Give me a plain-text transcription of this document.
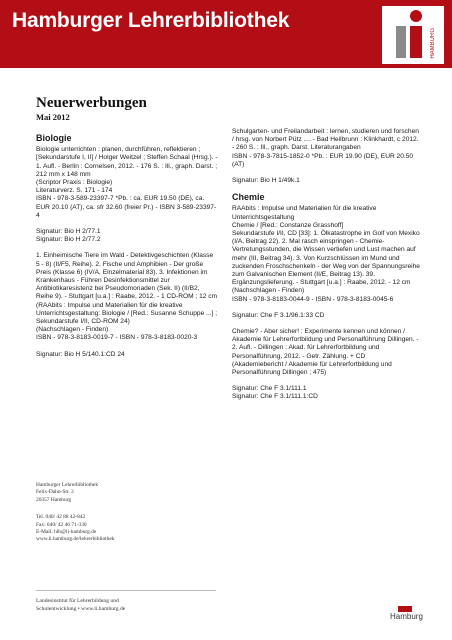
Hamburger Lehrerbibliothek
HAMBURG
Neuerwerbungen
Mai 2012
Biologie

Biologie unterrichten : planen, durchführen, reflektieren ; [Sekundarstufe I, II] / Holger Weitzel ; Steffen Schaal (Hrsg.). - 1. Aufl. - Berlin : Cornelsen, 2012. - 176 S. : Ill., graph. Darst. ; 212 mm x 148 mm
(Scriptor Praxis : Biologie)
Literaturverz. S. 171 - 174
ISBN - 978-3-589-23397-7 *Pb. : ca. EUR 19.50 (DE), ca. EUR 20.10 (AT), ca. sfr 32.60 (freier Pr.) - ISBN 3-589-23397-4

Signatur: Bio H 2/77.1
Signatur: Bio H 2/77.2

1. Einheimische Tiere im Wald - Detektivgeschichten (Klasse 5 - 8) (II/F5, Reihe). 2. Fische und Amphibien - Der große Preis (Klasse 6) (IV/A, Einzelmaterial 83). 3. Infektionen im Krankenhaus - Führen Desinfektionsmittel zur Antibiotikaresistenz bei Pseudomonaden (Sek. II) (II/B2, Reihe 9). - Stuttgart [u.a.] : Raabe, 2012. - 1 CD-ROM ; 12 cm
(RAAbits : Impulse und Materialien für die kreative Unterrichtsgestaltung: Biologie / [Red.: Susanne Schuppe ...] ; Sekundarstufe I/II, CD-ROM 24)
(Nachschlagen - Finden)
ISBN - 978-3-8183-0019-7 - ISBN - 978-3-8183-0020-3

Signatur: Bio H 5/140.1:CD 24

Schulgarten- und Freilandarbeit : lernen, studieren und forschen / hrsg. von Norbert Pütz .... - Bad Heilbrunn : Klinkhardt, c 2012. - 260 S. : Ill., graph. Darst. Literaturangaben
ISBN - 978-3-7815-1852-0 *Pb. : EUR 19.90 (DE), EUR 20.50 (AT)

Signatur: Bio H 1/49k.1

Chemie

RAAbits : Impulse und Materialien für die kreative Unterrichtsgestaltung
Chemie / [Red.: Constanze Grasshoff]
Sekundarstufe I/II, CD [33]: 1. Ölkatastrophe im Golf von Mexiko (I/A, Beitrag 22). 2. Mal rasch einspringen - Chemie-Vertretungsstunden, die Wissen vertiefen und Lust machen auf mehr (III, Beitrag 34). 3. Von Kurzschlüssen im Mund und zuckenden Froschschenkeln - der Weg von der Spannungsreihe zum Galvanischen Element (II/E, Beitrag 13). 39. Ergänzungslieferung. - Stuttgart [u.a.] : Raabe, 2012. - 12 cm
(Nachschlagen - Finden)
ISBN - 978-3-8183-0044-9 - ISBN - 978-3-8183-0045-6

Signatur: Che F 3.1/96.1:33 CD

Chemie? - Aber sicher! : Experimente kennen und können / Akademie für Lehrerfortbildung und Personalführung Dillingen. - 2. Aufl. - Dillingen : Akad. für Lehrerfortbildung und Personalführung, 2012. - Getr. Zählung. + CD
(Akademiebericht / Akademie für Lehrerfortbildung und Personalführung Dillingen ; 475)

Signatur: Che F 3.1/111.1
Signatur: Che F 3.1/111.1:CD

Hamburger Lehrerbibliothek
Felix-Dahn-Str. 3
20357 Hamburg
Tel. 040/ 42 88 42-842
Fax: 040/ 42 46 71-330
E-Mail: hlb@li-hamburg.de
www.li.hamburg.de/lehrerbibliothek
Landesinstitut für Lehrerbildung und
Schulentwicklung • www.li.hamburg.de
Hamburg
